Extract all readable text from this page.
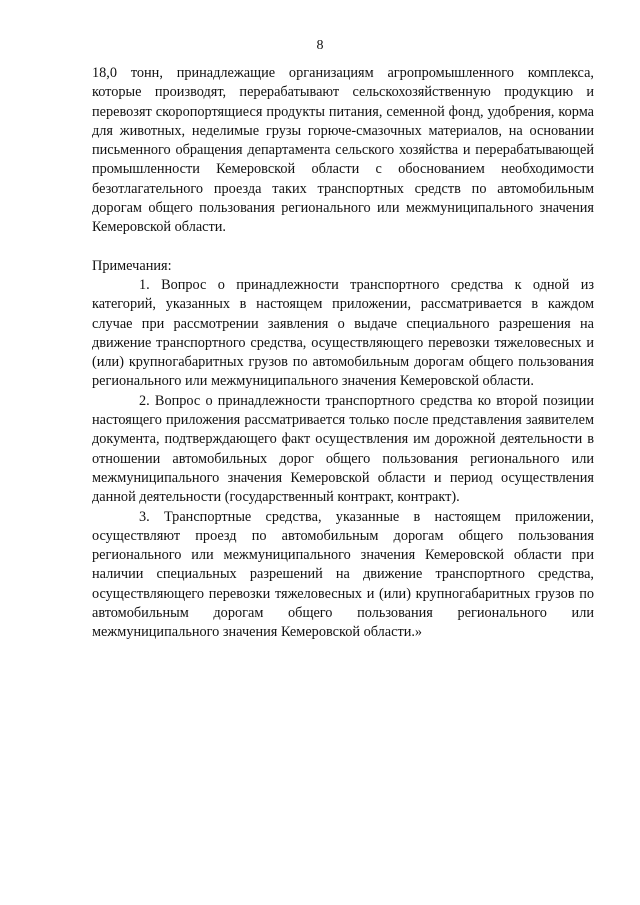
8

18,0 тонн, принадлежащие организациям агропромышленного комплекса, которые производят, перерабатывают сельскохозяйственную продукцию и перевозят скоропортящиеся продукты питания, семенной фонд, удобрения, корма для животных, неделимые грузы горюче-смазочных материалов, на основании письменного обращения департамента сельского хозяйства и перерабатывающей промышленности Кемеровской области с обоснованием необходимости безотлагательного проезда таких транспортных средств по автомобильным дорогам общего пользования регионального или межмуниципального значения Кемеровской области.

Примечания:

1. Вопрос о принадлежности транспортного средства к одной из категорий, указанных в настоящем приложении, рассматривается в каждом случае при рассмотрении заявления о выдаче специального разрешения на движение транспортного средства, осуществляющего перевозки тяжеловесных и (или) крупногабаритных грузов по автомобильным дорогам общего пользования регионального или межмуниципального значения Кемеровской области.

2. Вопрос о принадлежности транспортного средства ко второй позиции настоящего приложения рассматривается только после представления заявителем документа, подтверждающего факт осуществления им дорожной деятельности в отношении автомобильных дорог общего пользования регионального или межмуниципального значения Кемеровской области и период осуществления данной деятельности (государственный контракт, контракт).

3. Транспортные средства, указанные в настоящем приложении, осуществляют проезд по автомобильным дорогам общего пользования регионального или межмуниципального значения Кемеровской области при наличии специальных разрешений на движение транспортного средства, осуществляющего перевозки тяжеловесных и (или) крупногабаритных грузов по автомобильным дорогам общего пользования регионального или межмуниципального значения Кемеровской области.»
